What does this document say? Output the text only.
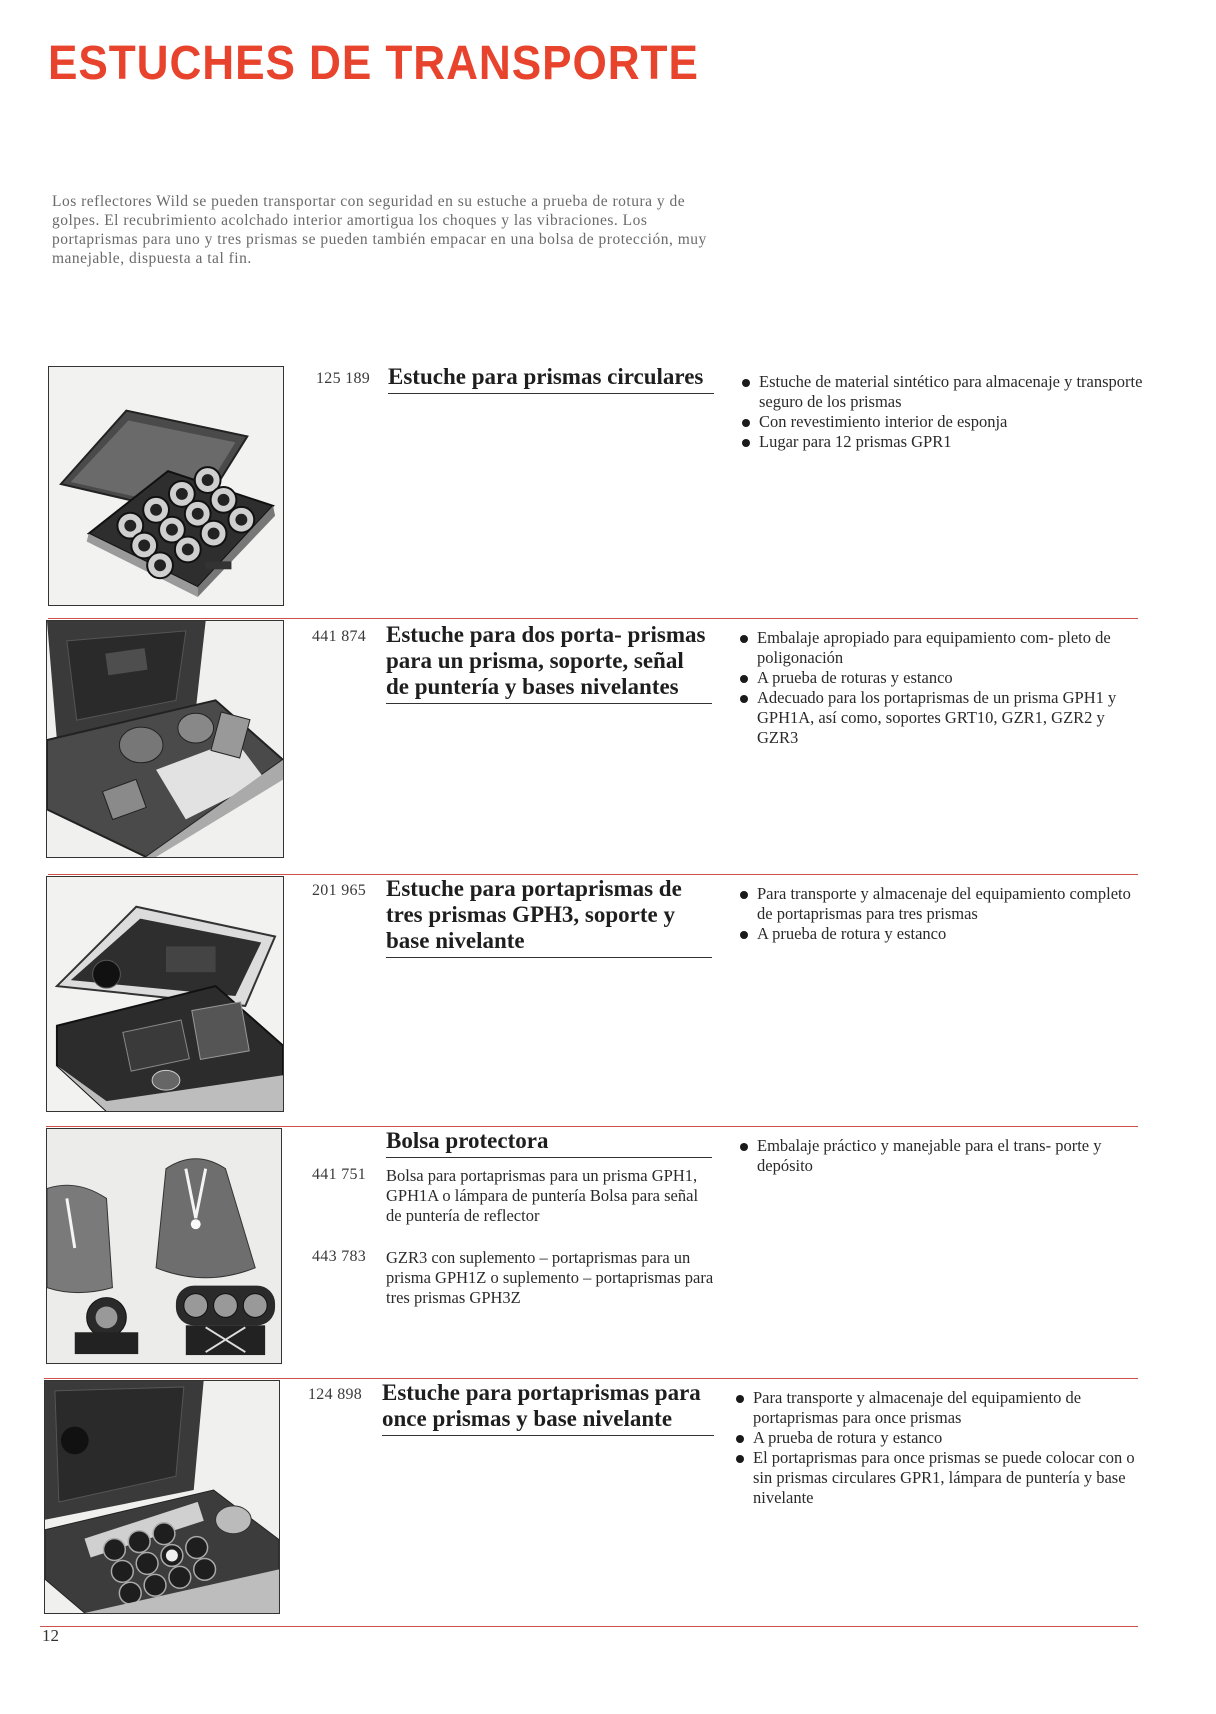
ESTUCHES DE TRANSPORTE

Los reflectores Wild se pueden transportar con seguridad en su estuche a prueba de rotura y de golpes. El recubrimiento acolchado interior amortigua los choques y las vibraciones. Los portaprismas para uno y tres prismas se pueden también empacar en una bolsa de protección, muy manejable, dispuesta a tal fin.

125 189 Estuche para prismas circulares	Estuche de material sintético para almacenaje y transporte seguro de los prismas
Con revestimiento interior de esponja
Lugar para 12 prismas GPR1
441 874 Estuche para dos porta- prismas para un prisma, soporte, señal de puntería y bases nivelantes
Embalaje apropiado para equipamiento com- pleto de poligonación
A prueba de roturas y estanco
Adecuado para los portaprismas de un prisma GPH1 y GPH1A, así como, soportes GRT10, GZR1, GZR2 y GZR3
201 965 Estuche para portaprismas de tres prismas GPH3, soporte y base nivelante
Para transporte y almacenaje del equipamiento completo de portaprismas para tres prismas
A prueba de rotura y estanco
Bolsa protectora
441 751 Bolsa para portaprismas para un prisma GPH1, GPH1A o lámpara de puntería Bolsa para señal de puntería de reflector
443 783 GZR3 con suplemento – portaprismas para un prisma GPH1Z o suplemento – portaprismas para tres prismas GPH3Z
Embalaje práctico y manejable para el trans- porte y depósito
124 898 Estuche para portaprismas para once prismas y base nivelante
Para transporte y almacenaje del equipamiento de portaprismas para once prismas
A prueba de rotura y estanco
El portaprismas para once prismas se puede colocar con o sin prismas circulares GPR1, lámpara de puntería y base nivelante
12
